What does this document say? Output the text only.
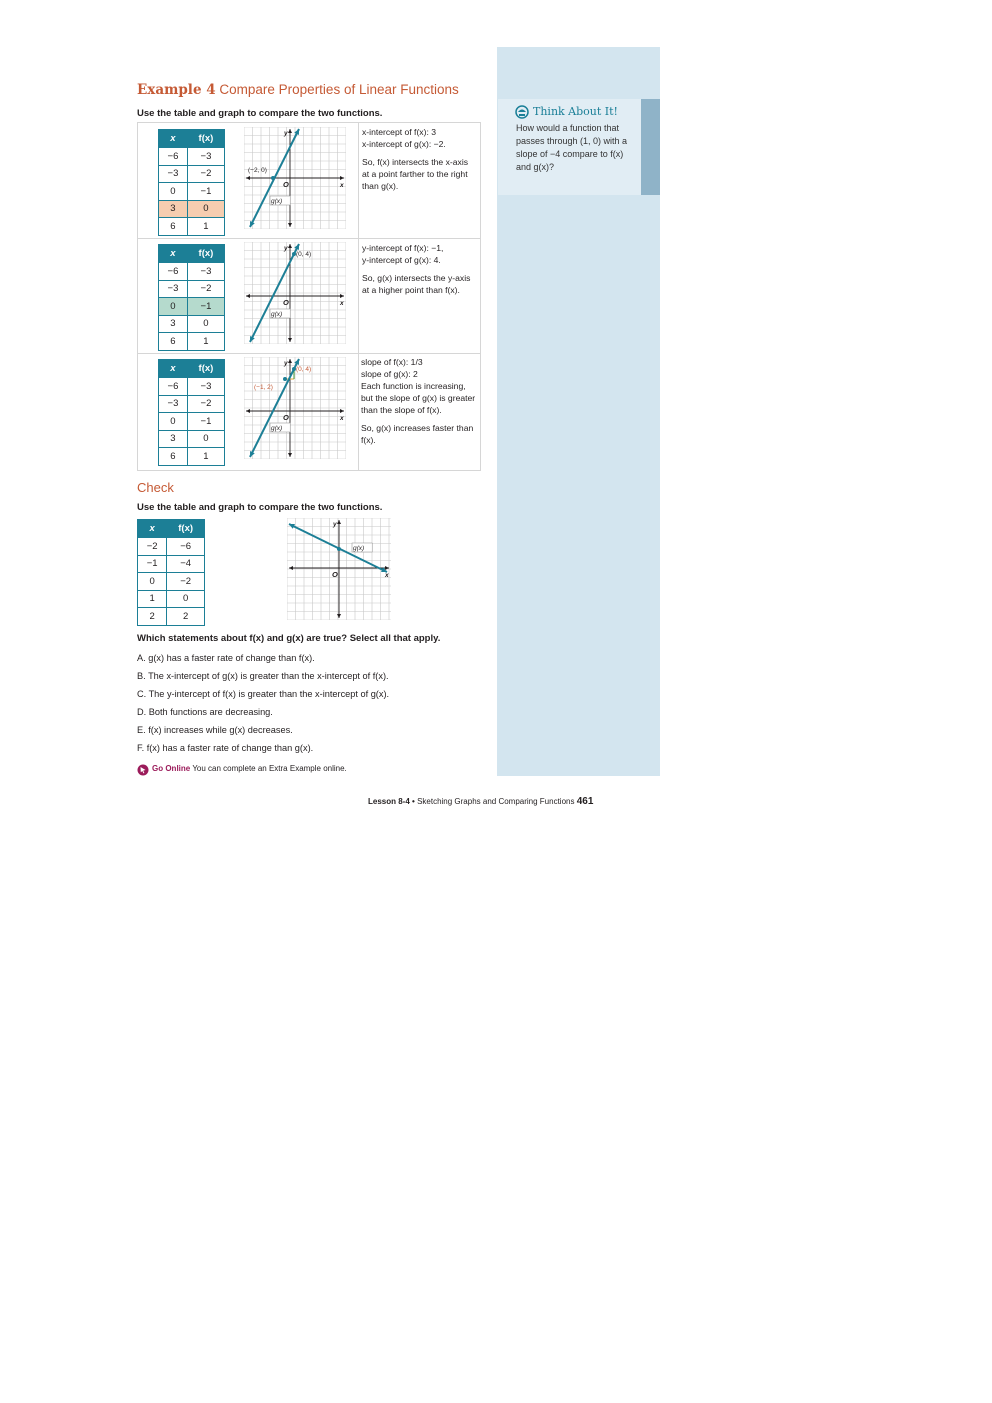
Think About It!
How would a function that passes through (1, 0) with a slope of −4 compare to f(x) and g(x)?
Example 4 Compare Properties of Linear Functions
Use the table and graph to compare the two functions.
x	f(x)
−6	−3
−3	−2
0	−1
3	0
6	1
x	f(x)
−6	−3
−3	−2
0	−1
3	0
6	1
x	f(x)
−6	−3
−3	−2
0	−1
3	0
6	1
y
x
O
(−2, 0)
g(x)
y
x
O
(0, 4)
g(x)
y
x
O
(0, 4)
(−1, 2)
g(x)

x-intercept of f(x): 3

x-intercept of g(x): −2.

So, f(x) intersects the x-axis at a point farther to the right than g(x).

y-intercept of f(x): −1,

y-intercept of g(x): 4.

So, g(x) intersects the y-axis at a higher point than f(x).

slope of f(x): 1/3

slope of g(x): 2

Each function is increasing, but the slope of g(x) is greater than the slope of f(x).

So, g(x) increases faster than f(x).

Check
Use the table and graph to compare the two functions.
x	f(x)
−2	−6
−1	−4
0	−2
1	0
2	2
y
x
O
g(x)
Which statements about f(x) and g(x) are true? Select all that apply.
A. g(x) has a faster rate of change than f(x).
B. The x-intercept of g(x) is greater than the x-intercept of f(x).
C. The y-intercept of f(x) is greater than the x-intercept of g(x).
D. Both functions are decreasing.
E. f(x) increases while g(x) decreases.
F. f(x) has a faster rate of change than g(x).
Go Online You can complete an Extra Example online.
Lesson 8-4 • Sketching Graphs and Comparing Functions 461
